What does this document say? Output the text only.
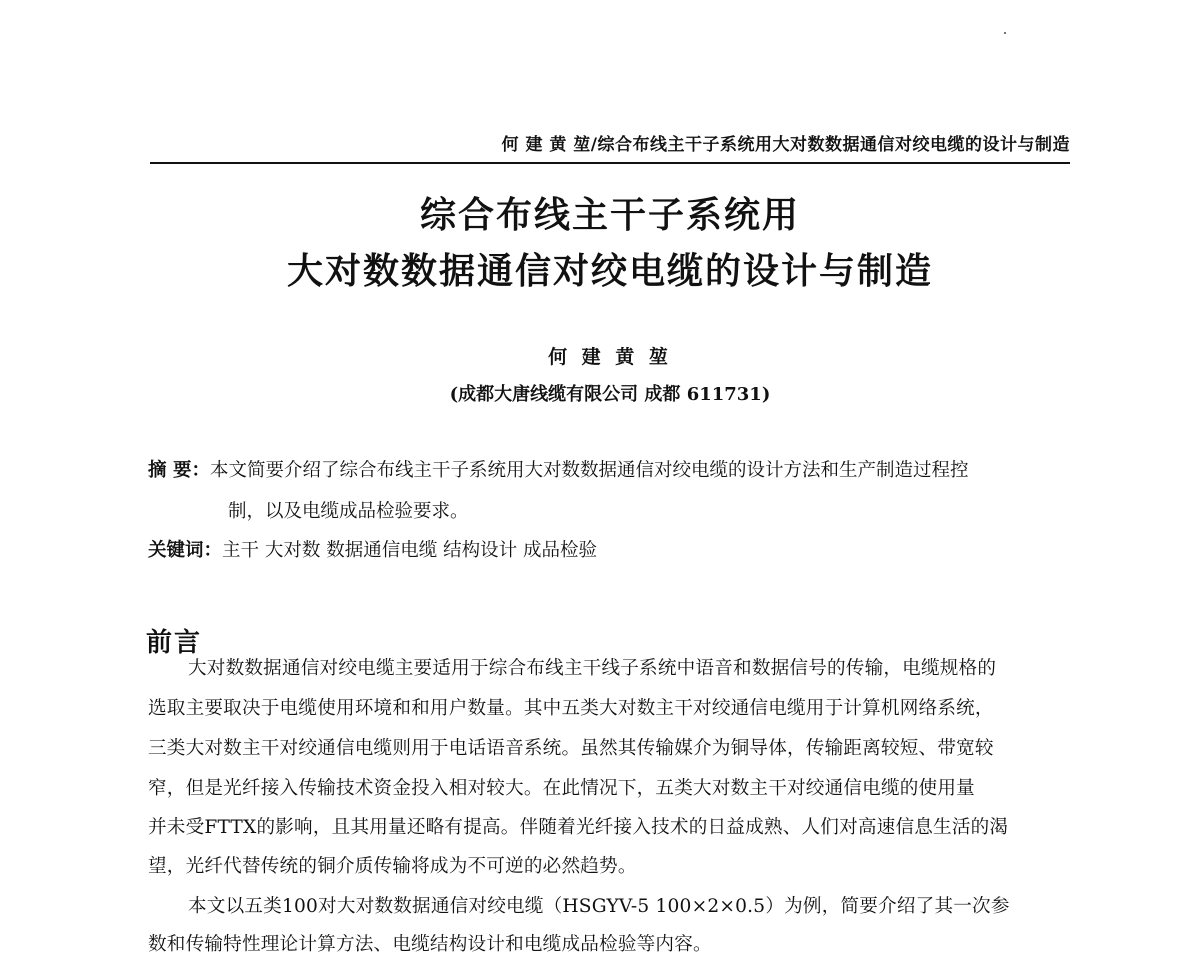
何 建 黄 堃/综合布线主干子系统用大对数数据通信对绞电缆的设计与制造
综合布线主干子系统用
大对数数据通信对绞电缆的设计与制造
何 建 黄 堃
(成都大唐线缆有限公司 成都 611731)
摘 要：本文简要介绍了综合布线主干子系统用大对数数据通信对绞电缆的设计方法和生产制造过程控
制，以及电缆成品检验要求。
关键词：主干 大对数 数据通信电缆 结构设计 成品检验
前言
大对数数据通信对绞电缆主要适用于综合布线主干线子系统中语音和数据信号的传输，电缆规格的
选取主要取决于电缆使用环境和和用户数量。其中五类大对数主干对绞通信电缆用于计算机网络系统，
三类大对数主干对绞通信电缆则用于电话语音系统。虽然其传输媒介为铜导体，传输距离较短、带宽较
窄，但是光纤接入传输技术资金投入相对较大。在此情况下，五类大对数主干对绞通信电缆的使用量
并未受FTTX的影响，且其用量还略有提高。伴随着光纤接入技术的日益成熟、人们对高速信息生活的渴
望，光纤代替传统的铜介质传输将成为不可逆的必然趋势。
本文以五类100对大对数数据通信对绞电缆（HSGYV-5 100×2×0.5）为例，简要介绍了其一次参
数和传输特性理论计算方法、电缆结构设计和电缆成品检验等内容。
